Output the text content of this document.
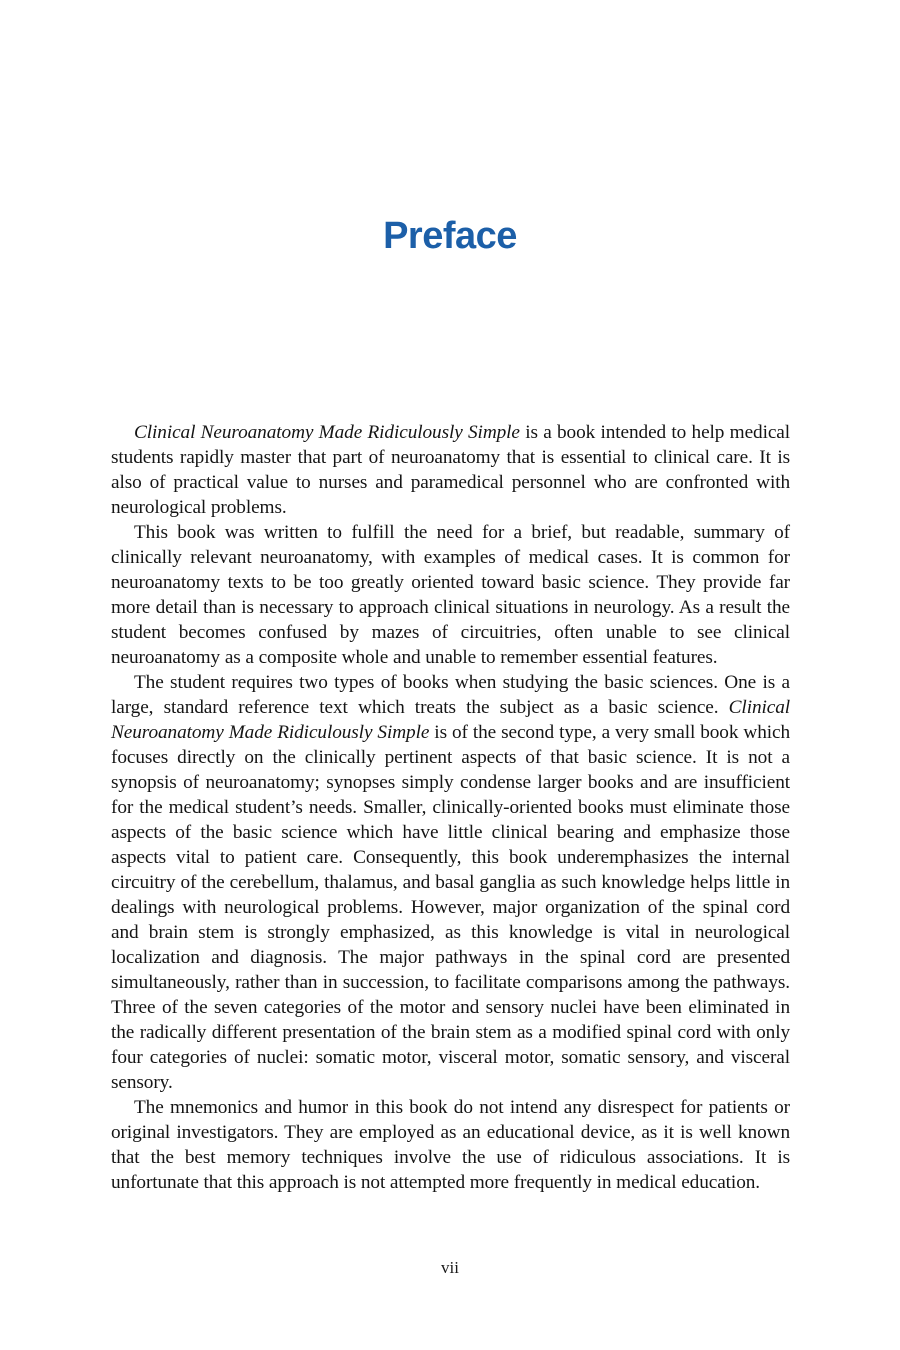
Preface

Clinical Neuroanatomy Made Ridiculously Simple is a book intended to help medical students rapidly master that part of neuroanatomy that is essential to clinical care. It is also of practical value to nurses and paramedical personnel who are confronted with neurological problems.

This book was written to fulfill the need for a brief, but readable, summary of clinically relevant neuroanatomy, with examples of medical cases. It is common for neuroanatomy texts to be too greatly oriented toward basic science. They provide far more detail than is necessary to approach clinical situations in neurology. As a result the student becomes confused by mazes of circuitries, often unable to see clinical neuroanatomy as a composite whole and unable to remember essential features.

The student requires two types of books when studying the basic sciences. One is a large, standard reference text which treats the subject as a basic science. Clinical Neuroanatomy Made Ridiculously Simple is of the second type, a very small book which focuses directly on the clinically pertinent aspects of that basic science. It is not a synopsis of neuroanatomy; synopses simply condense larger books and are insufficient for the medical student’s needs. Smaller, clinically-oriented books must eliminate those aspects of the basic science which have little clinical bearing and emphasize those aspects vital to patient care. Consequently, this book underemphasizes the internal circuitry of the cerebellum, thalamus, and basal ganglia as such knowledge helps little in dealings with neurological problems. However, major organization of the spinal cord and brain stem is strongly emphasized, as this knowledge is vital in neurological localization and diagnosis. The major pathways in the spinal cord are presented simultaneously, rather than in succession, to facilitate comparisons among the pathways. Three of the seven categories of the motor and sensory nuclei have been eliminated in the radically different presentation of the brain stem as a modified spinal cord with only four categories of nuclei: somatic motor, visceral motor, somatic sensory, and visceral sensory.

The mnemonics and humor in this book do not intend any disrespect for patients or original investigators. They are employed as an educational device, as it is well known that the best memory techniques involve the use of ridiculous associations. It is unfortunate that this approach is not attempted more frequently in medical education.

vii
